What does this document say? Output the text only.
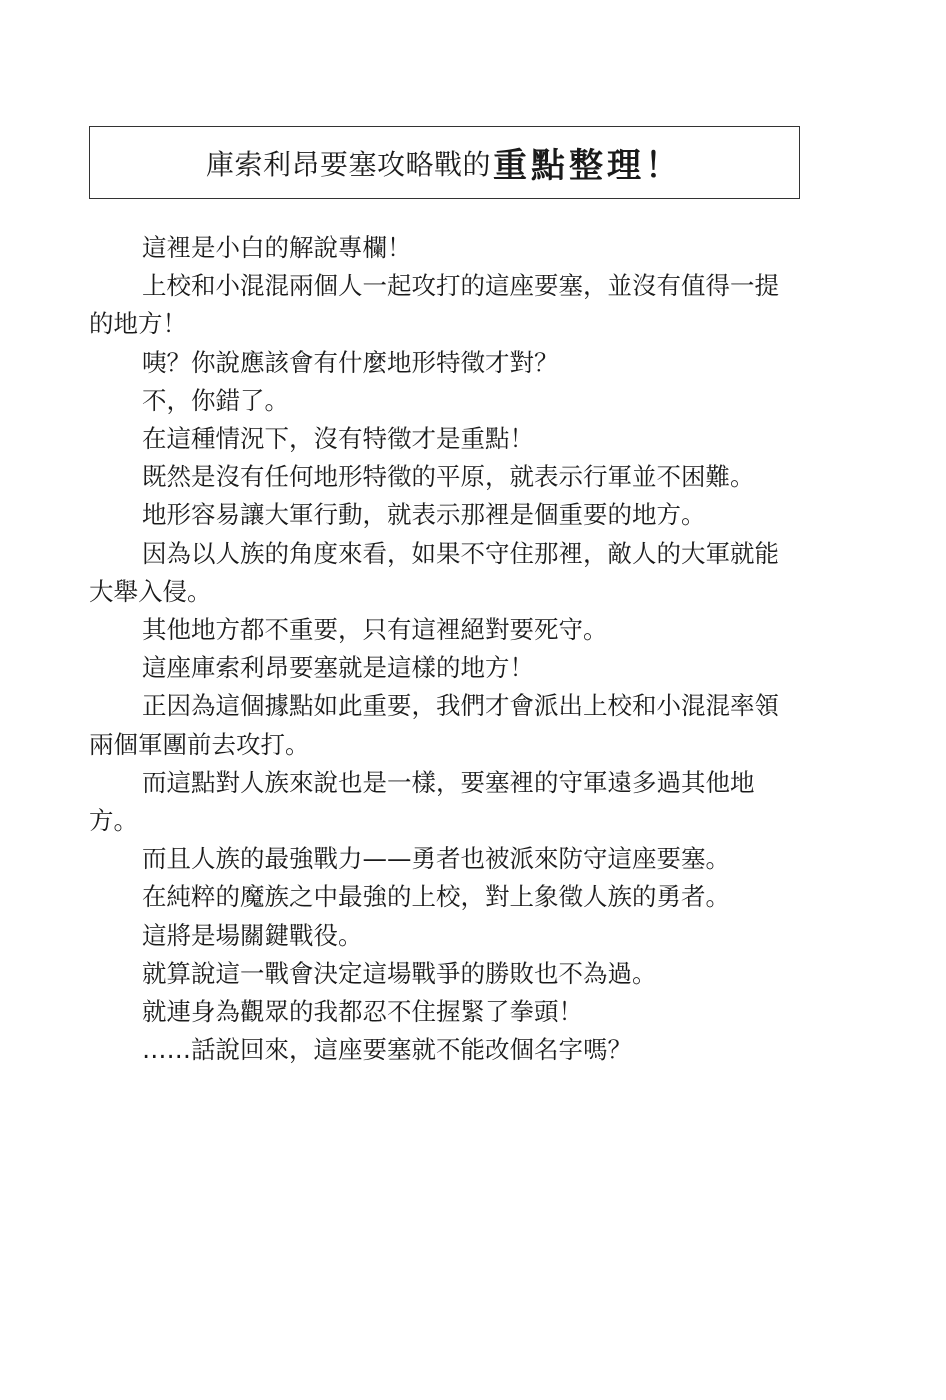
庫索利昂要塞攻略戰的 重點整理！

這裡是小白的解說專欄！

上校和小混混兩個人一起攻打的這座要塞，並沒有值得一提的地方！

咦？你說應該會有什麼地形特徵才對？

不，你錯了。

在這種情況下，沒有特徵才是重點！

既然是沒有任何地形特徵的平原，就表示行軍並不困難。

地形容易讓大軍行動，就表示那裡是個重要的地方。

因為以人族的角度來看，如果不守住那裡，敵人的大軍就能大舉入侵。

其他地方都不重要，只有這裡絕對要死守。

這座庫索利昂要塞就是這樣的地方！

正因為這個據點如此重要，我們才會派出上校和小混混率領兩個軍團前去攻打。

而這點對人族來說也是一樣，要塞裡的守軍遠多過其他地方。

而且人族的最強戰力——勇者也被派來防守這座要塞。

在純粹的魔族之中最強的上校，對上象徵人族的勇者。

這將是場關鍵戰役。

就算說這一戰會決定這場戰爭的勝敗也不為過。

就連身為觀眾的我都忍不住握緊了拳頭！

……話說回來，這座要塞就不能改個名字嗎？
